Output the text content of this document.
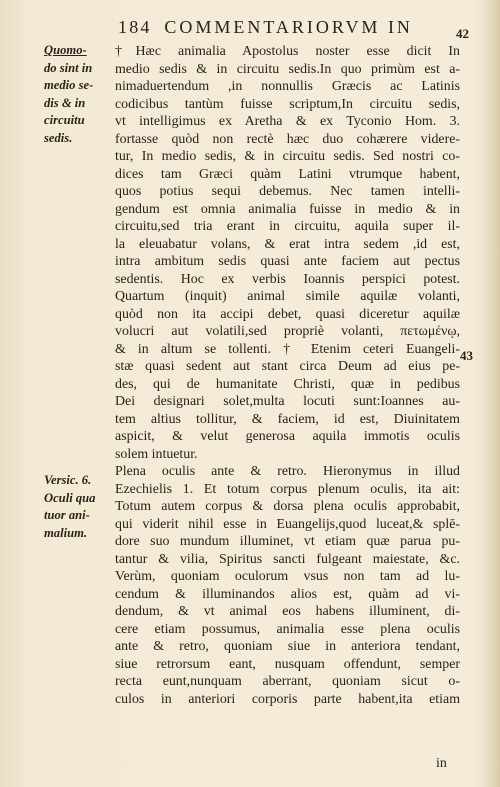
184 COMMENTARIORVM IN	42
43
Quomo-
do sint in
medio se-
dis & in
circuitu
sedis.
Versic. 6.
Oculi qua
tuor ani-
malium.
†Hæc animalia Apostolus noster esse dicit In
medio sedis & in circuitu sedis.In quo primùm est a-
nimaduertendum ,in nonnullis Græcis ac Latinis
codicibus tantùm fuisse scriptum,In circuitu sedis,
vt intelligimus ex Aretha & ex Tyconio Hom. 3.
fortasse quòd non rectè hæc duo cohærere videre-
tur, In medio sedis, & in circuitu sedis. Sed nostri co-
dices tam Græci quàm Latini vtrumque habent,
quos potius sequi debemus. Nec tamen intelli-
gendum est omnia animalia fuisse in medio & in
circuitu,sed tria erant in circuitu, aquila super il-
la eleuabatur volans, & erat intra sedem ,id est,
intra ambitum sedis quasi ante faciem aut pectus
sedentis. Hoc ex verbis Ioannis perspici potest.
Quartum (inquit) animal simile aquilæ volanti,
quòd non ita accipi debet, quasi diceretur aquilæ
volucri aut volatili,sed propriè volanti, πετωμένῳ,
& in altum se tollenti. † Etenim ceteri Euangeli-
stæ quasi sedent aut stant circa Deum ad eius pe-
des, qui de humanitate Christi, quæ in pedibus
Dei designari solet,multa locuti sunt:Ioannes au-
tem altius tollitur, & faciem, id est, Diuinitatem
aspicit, & velut generosa aquila immotis oculis
solem intuetur.
Plena oculis ante & retro. Hieronymus in illud
Ezechielis 1. Et totum corpus plenum oculis, ita ait:
Totum autem corpus & dorsa plena oculis approbabit,
qui viderit nihil esse in Euangelijs,quod luceat,& splē-
dore suo mundum illuminet, vt etiam quæ parua pu-
tantur & vilia, Spiritus sancti fulgeant maiestate, &c.
Verùm, quoniam oculorum vsus non tam ad lu-
cendum & illuminandos alios est, quàm ad vi-
dendum, & vt animal eos habens illuminent, di-
cere etiam possumus, animalia esse plena oculis
ante & retro, quoniam siue in anteriora tendant,
siue retrorsum eant, nusquam offendunt, semper
recta eunt,nunquam aberrant, quoniam sicut o-
culos in anteriori corporis parte habent,ita etiam
in
